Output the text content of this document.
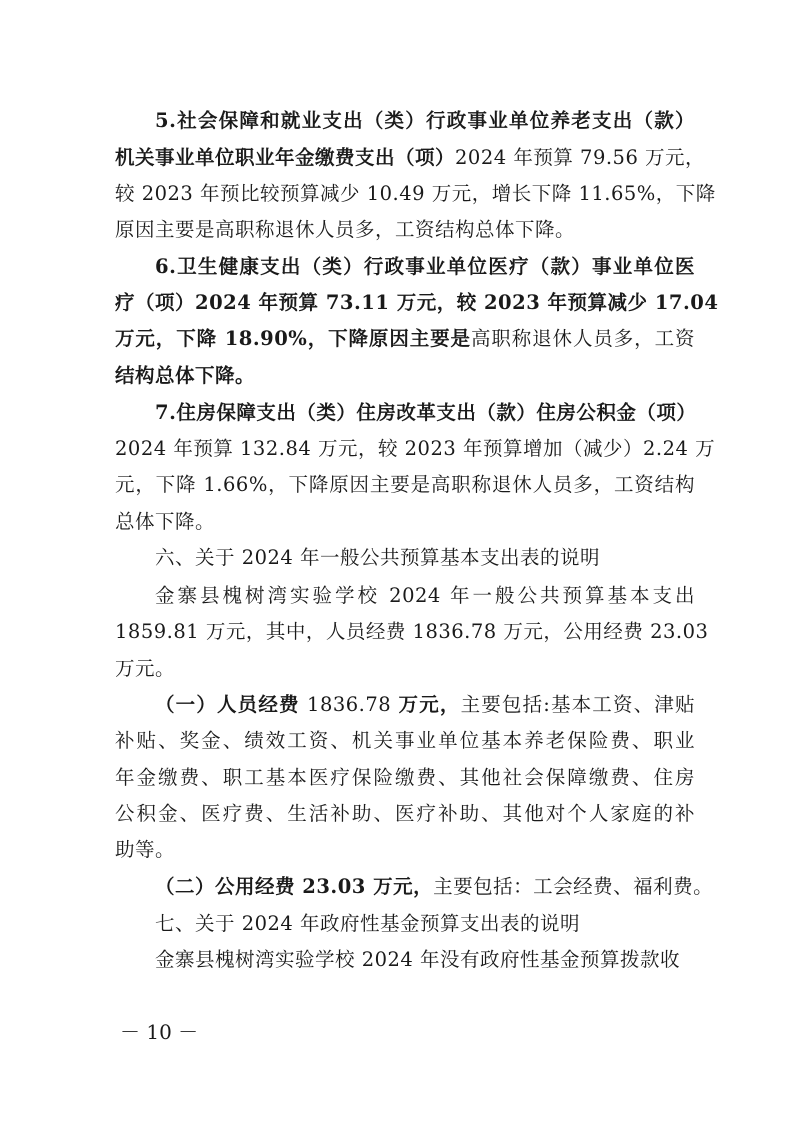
5.社会保障和就业支出（类）行政事业单位养老支出（款）
机关事业单位职业年金缴费支出（项）2024 年预算 79.56 万元，
较 2023 年预比较预算减少 10.49 万元，增长下降 11.65%，下降
原因主要是高职称退休人员多，工资结构总体下降。
6.卫生健康支出（类）行政事业单位医疗（款）事业单位医
疗（项）2024 年预算 73.11 万元，较 2023 年预算减少 17.04
万元，下降 18.90%，下降原因主要是高职称退休人员多，工资
结构总体下降。
7.住房保障支出（类）住房改革支出（款）住房公积金（项）
2024 年预算 132.84 万元，较 2023 年预算增加（减少）2.24 万
元，下降 1.66%，下降原因主要是高职称退休人员多，工资结构
总体下降。
六、关于 2024 年一般公共预算基本支出表的说明
金寨县槐树湾实验学校 2024 年一般公共预算基本支出
1859.81 万元，其中，人员经费 1836.78 万元，公用经费 23.03
万元。
（一）人员经费 1836.78 万元，主要包括:基本工资、津贴
补贴、奖金、绩效工资、机关事业单位基本养老保险费、职业
年金缴费、职工基本医疗保险缴费、其他社会保障缴费、住房
公积金、医疗费、生活补助、医疗补助、其他对个人家庭的补
助等。
（二）公用经费 23.03 万元，主要包括：工会经费、福利费。
七、关于 2024 年政府性基金预算支出表的说明
金寨县槐树湾实验学校 2024 年没有政府性基金预算拨款收
－ 10 －
